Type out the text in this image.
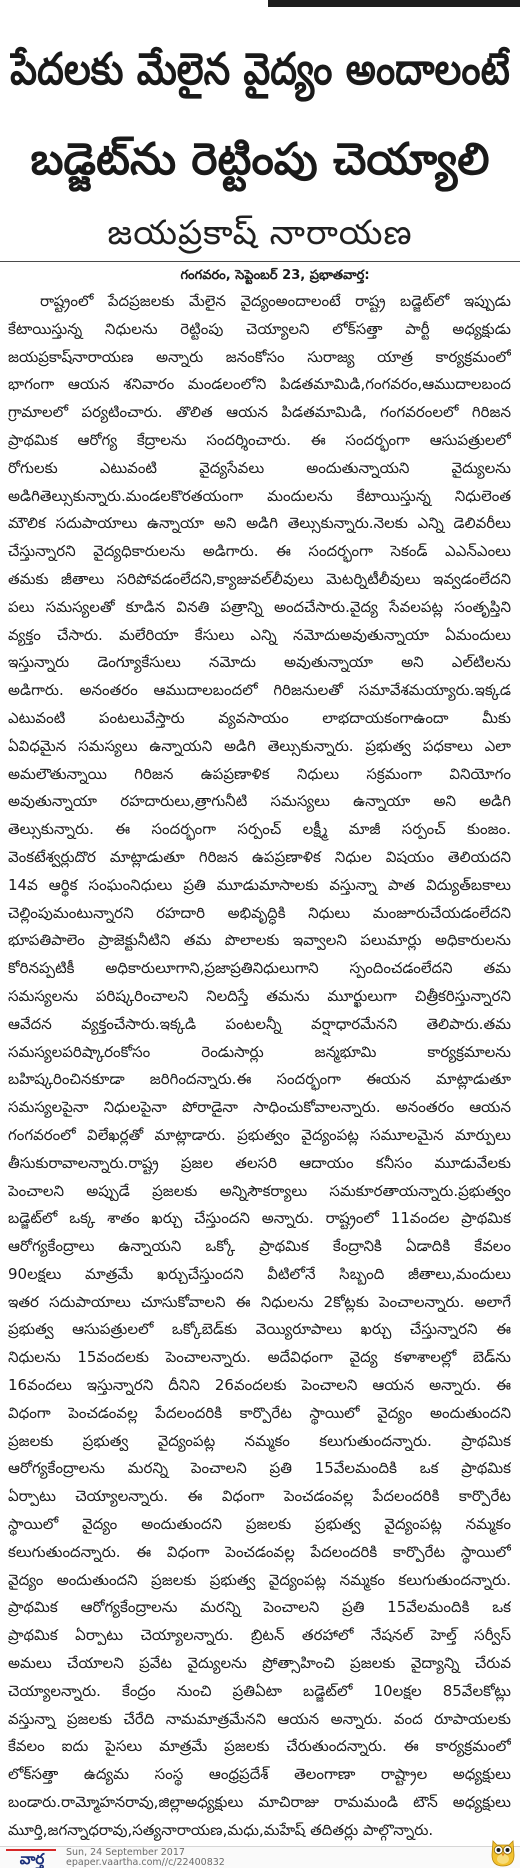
పేదలకు మేలైన వైద్యం అందాలంటే
బడ్జెట్‌ను రెట్టింపు చెయ్యాలి
జయప్రకాష్ నారాయణ
గంగవరం, సెప్టెంబర్ 23, ప్రభాతవార్త:
రాష్ట్రంలో పేదప్రజలకు మేలైన వైద్యంఅందాలంటే రాష్ట్ర బడ్జెట్‌లో ఇప్పుడు
కేటాయిస్తున్న నిధులను రెట్టింపు చెయ్యాలని లోక్‌సత్తా పార్టీ అధ్యక్షుడు
జయప్రకాష్‌నారాయణ అన్నారు జనంకోసం సురాజ్య యాత్ర కార్యక్రమంలో
భాగంగా ఆయన శనివారం మండలంలోని పిడతమామిడి,గంగవరం,ఆముదాలబంద
గ్రామాలలో పర్యటించారు. తొలిత ఆయన పిడతమామిడి, గంగవరంలలో గిరిజన
ప్రాథమిక ఆరోగ్య కేద్రాలను సందర్శించారు. ఈ సందర్భంగా ఆసుపత్రులలో
రోగులకు ఎటువంటి వైద్యసేవలు అందుతున్నాయని వైద్యులను
అడిగితెల్సుకున్నారు.మండలకొరతయంగా మందులను కేటాయిస్తున్న నిధులెంత
మౌలిక సదుపాయాలు ఉన్నాయా అని అడిగి తెల్సుకున్నారు.నెలకు ఎన్ని డెలివరీలు
చేస్తున్నారని వైద్యధికారులను అడిగారు. ఈ సందర్భంగా సెకండ్ ఎఎన్‌ఎంలు
తమకు జీతాలు సరిపోవడంలేదని,క్యాజువల్‌లీవులు మెటర్నిటీలీవులు ఇవ్వడంలేదని
పలు సమస్యలతో కూడిన వినతి పత్రాన్ని అందచేసారు.వైద్య సేవలపట్ల సంతృప్తిని
వ్యక్తం చేసారు. మలేరియా కేసులు ఎన్ని నమోదుఅవుతున్నాయా ఏమందులు
ఇస్తున్నారు డెంగ్యూకేసులు నమోదు అవుతున్నాయా అని ఎల్‌టిలను
అడిగారు. అనంతరం ఆముదాలబందలో గిరిజనులతో సమావేశమయ్యారు.ఇక్కడ
ఎటువంటి పంటలువేస్తారు వ్యవసాయం లాభదాయకంగాఉందా మీకు
ఏవిధమైన సమస్యలు ఉన్నాయని అడిగి తెల్సుకున్నారు. ప్రభుత్వ పధకాలు ఎలా
అమలౌతున్నాయి గిరిజన ఉపప్రణాళిక నిధులు సక్రమంగా వినియోగం
అవుతున్నాయా రహదారులు,త్రాగునీటి సమస్యలు ఉన్నాయా అని అడిగి
తెల్సుకున్నారు. ఈ సందర్భంగా సర్పంచ్ లక్ష్మీ మాజీ సర్పంచ్ కుంజం.
వెంకటేశ్వర్లుదొర మాట్లాడుతూ గిరిజన ఉపప్రణాళిక నిధుల విషయం తెలియదని
14వ ఆర్థిక సంఘంనిధులు ప్రతి మూడుమాసాలకు వస్తున్నా పాత విద్యుత్‌బకాలు
చెల్లింపుమంటున్నారని రహదారి అభివృద్ధికి నిధులు మంజూరుచేయడంలేదని
భూపతిపాలెం ప్రాజెక్టునీటిని తమ పొలాలకు ఇవ్వాలని పలుమార్లు అధికారులను
కోరినప్పటికీ అధికారులూగాని,ప్రజాప్రతినిధులుగాని స్పందించడంలేదని తమ
సమస్యలను పరిష్కరించాలని నిలదిస్తే తమను మూర్ఖులుగా చిత్రీకరిస్తున్నారని
ఆవేదన వ్యక్తంచేసారు.ఇక్కడి పంటలన్నీ వర్షాధారమేనని తెలిపారు.తమ
సమస్యలపరిష్కారంకోసం రెండుసార్లు జన్మభూమి కార్యక్రమాలను
బహిష్కరించినకూడా జరిగిందన్నారు.ఈ సందర్భంగా ఈయన మాట్లాడుతూ
సమస్యలపైనా నిధులపైనా పోరాడైనా సాధించుకోవాలన్నారు. అనంతరం ఆయన
గంగవరంలో విలేఖర్లతో మాట్లాడారు. ప్రభుత్వం వైద్యంపట్ల సమూలమైన మార్పులు
తీసుకురావాలన్నారు.రాష్ట్ర ప్రజల తలసరి ఆదాయం కనీసం మూడువేలకు
పెంచాలని అప్పుడే ప్రజలకు అన్నిసౌకర్యాలు సమకూరతాయన్నారు.ప్రభుత్వం
బడ్జెట్‌లో ఒక్క శాతం ఖర్చు చేస్తుందని అన్నారు. రాష్ట్రంలో 11వందల ప్రాథమిక
ఆరోగ్యకేంద్రాలు ఉన్నాయని ఒక్కో ప్రాథమిక కేంద్రానికి ఏడాదికి కేవలం
90లక్షలు మాత్రమే ఖర్చుచేస్తుందని వీటిలోనే సిబ్బంది జీతాలు,మందులు
ఇతర సదుపాయాలు చూసుకోవాలని ఈ నిధులను 2కోట్లకు పెంచాలన్నారు. అలాగే
ప్రభుత్వ ఆసుపత్రులలో ఒక్కోబెడ్‌కు వెయ్యిరూపాలు ఖర్చు చేస్తున్నారని ఈ
నిధులను 15వందలకు పెంచాలన్నారు. అదేవిధంగా వైద్య కళాశాలల్లో బెడ్‌ను
16వందలు ఇస్తున్నారని దీనిని 26వందలకు పెంచాలని ఆయన అన్నారు. ఈ
విధంగా పెంచడంవల్ల పేదలందరికి కార్పొరేట స్థాయిలో వైద్యం అందుతుందని
ప్రజలకు ప్రభుత్వ వైద్యంపట్ల నమ్మకం కలుగుతుందన్నారు. ప్రాథమిక
ఆరోగ్యకేంద్రాలను మరన్ని పెంచాలని ప్రతి 15వేలమందికి ఒక ప్రాథమిక
ఏర్పాటు చెయ్యాలన్నారు. ఈ విధంగా పెంచడంవల్ల పేదలందరికి కార్పొరేట
స్థాయిలో వైద్యం అందుతుందని ప్రజలకు ప్రభుత్వ వైద్యంపట్ల నమ్మకం
కలుగుతుందన్నారు. ఈ విధంగా పెంచడంవల్ల పేదలందరికి కార్పొరేట స్థాయిలో
వైద్యం అందుతుందని ప్రజలకు ప్రభుత్వ వైద్యంపట్ల నమ్మకం కలుగుతుందన్నారు.
ప్రాథమిక ఆరోగ్యకేంద్రాలను మరన్ని పెంచాలని ప్రతి 15వేలమందికి ఒక
ప్రాథమిక ఏర్పాటు చెయ్యాలన్నారు. బ్రిటన్ తరహాలో నేషనల్ హెల్త్ సర్వీస్
అమలు చేయాలని ప్రవేట వైద్యులను ప్రోత్సాహించి ప్రజలకు వైద్యాన్ని చేరువ
చెయ్యాలన్నారు. కేంద్రం నుంచి ప్రతిఏటా బడ్జెట్‌లో 10లక్షల 85వేలకోట్లు
వస్తున్నా ప్రజలకు చేరేది నామమాత్రమేనని ఆయన అన్నారు. వంద రూపాయలకు
కేవలం ఐదు పైసలు మాత్రమే ప్రజలకు చేరుతుందన్నారు. ఈ కార్యక్రమంలో
లోక్‌సత్తా ఉద్యమ సంస్థ ఆంధ్రప్రదేశ్ తెలంగాణా రాష్ట్రాల అధ్యక్షులు
బండారు.రామ్మోహనరావు,జిల్లాఅధ్యక్షులు మాచిరాజు రామమండి టౌన్ అధ్యక్షులు
మూర్తి,జగన్నాధరావు,సత్యనారాయణ,మధు,మహేష్ తదితర్లు పాల్గొన్నారు.
వార్త	Sun, 24 September 2017
epaper.vaartha.com//c/22400832
